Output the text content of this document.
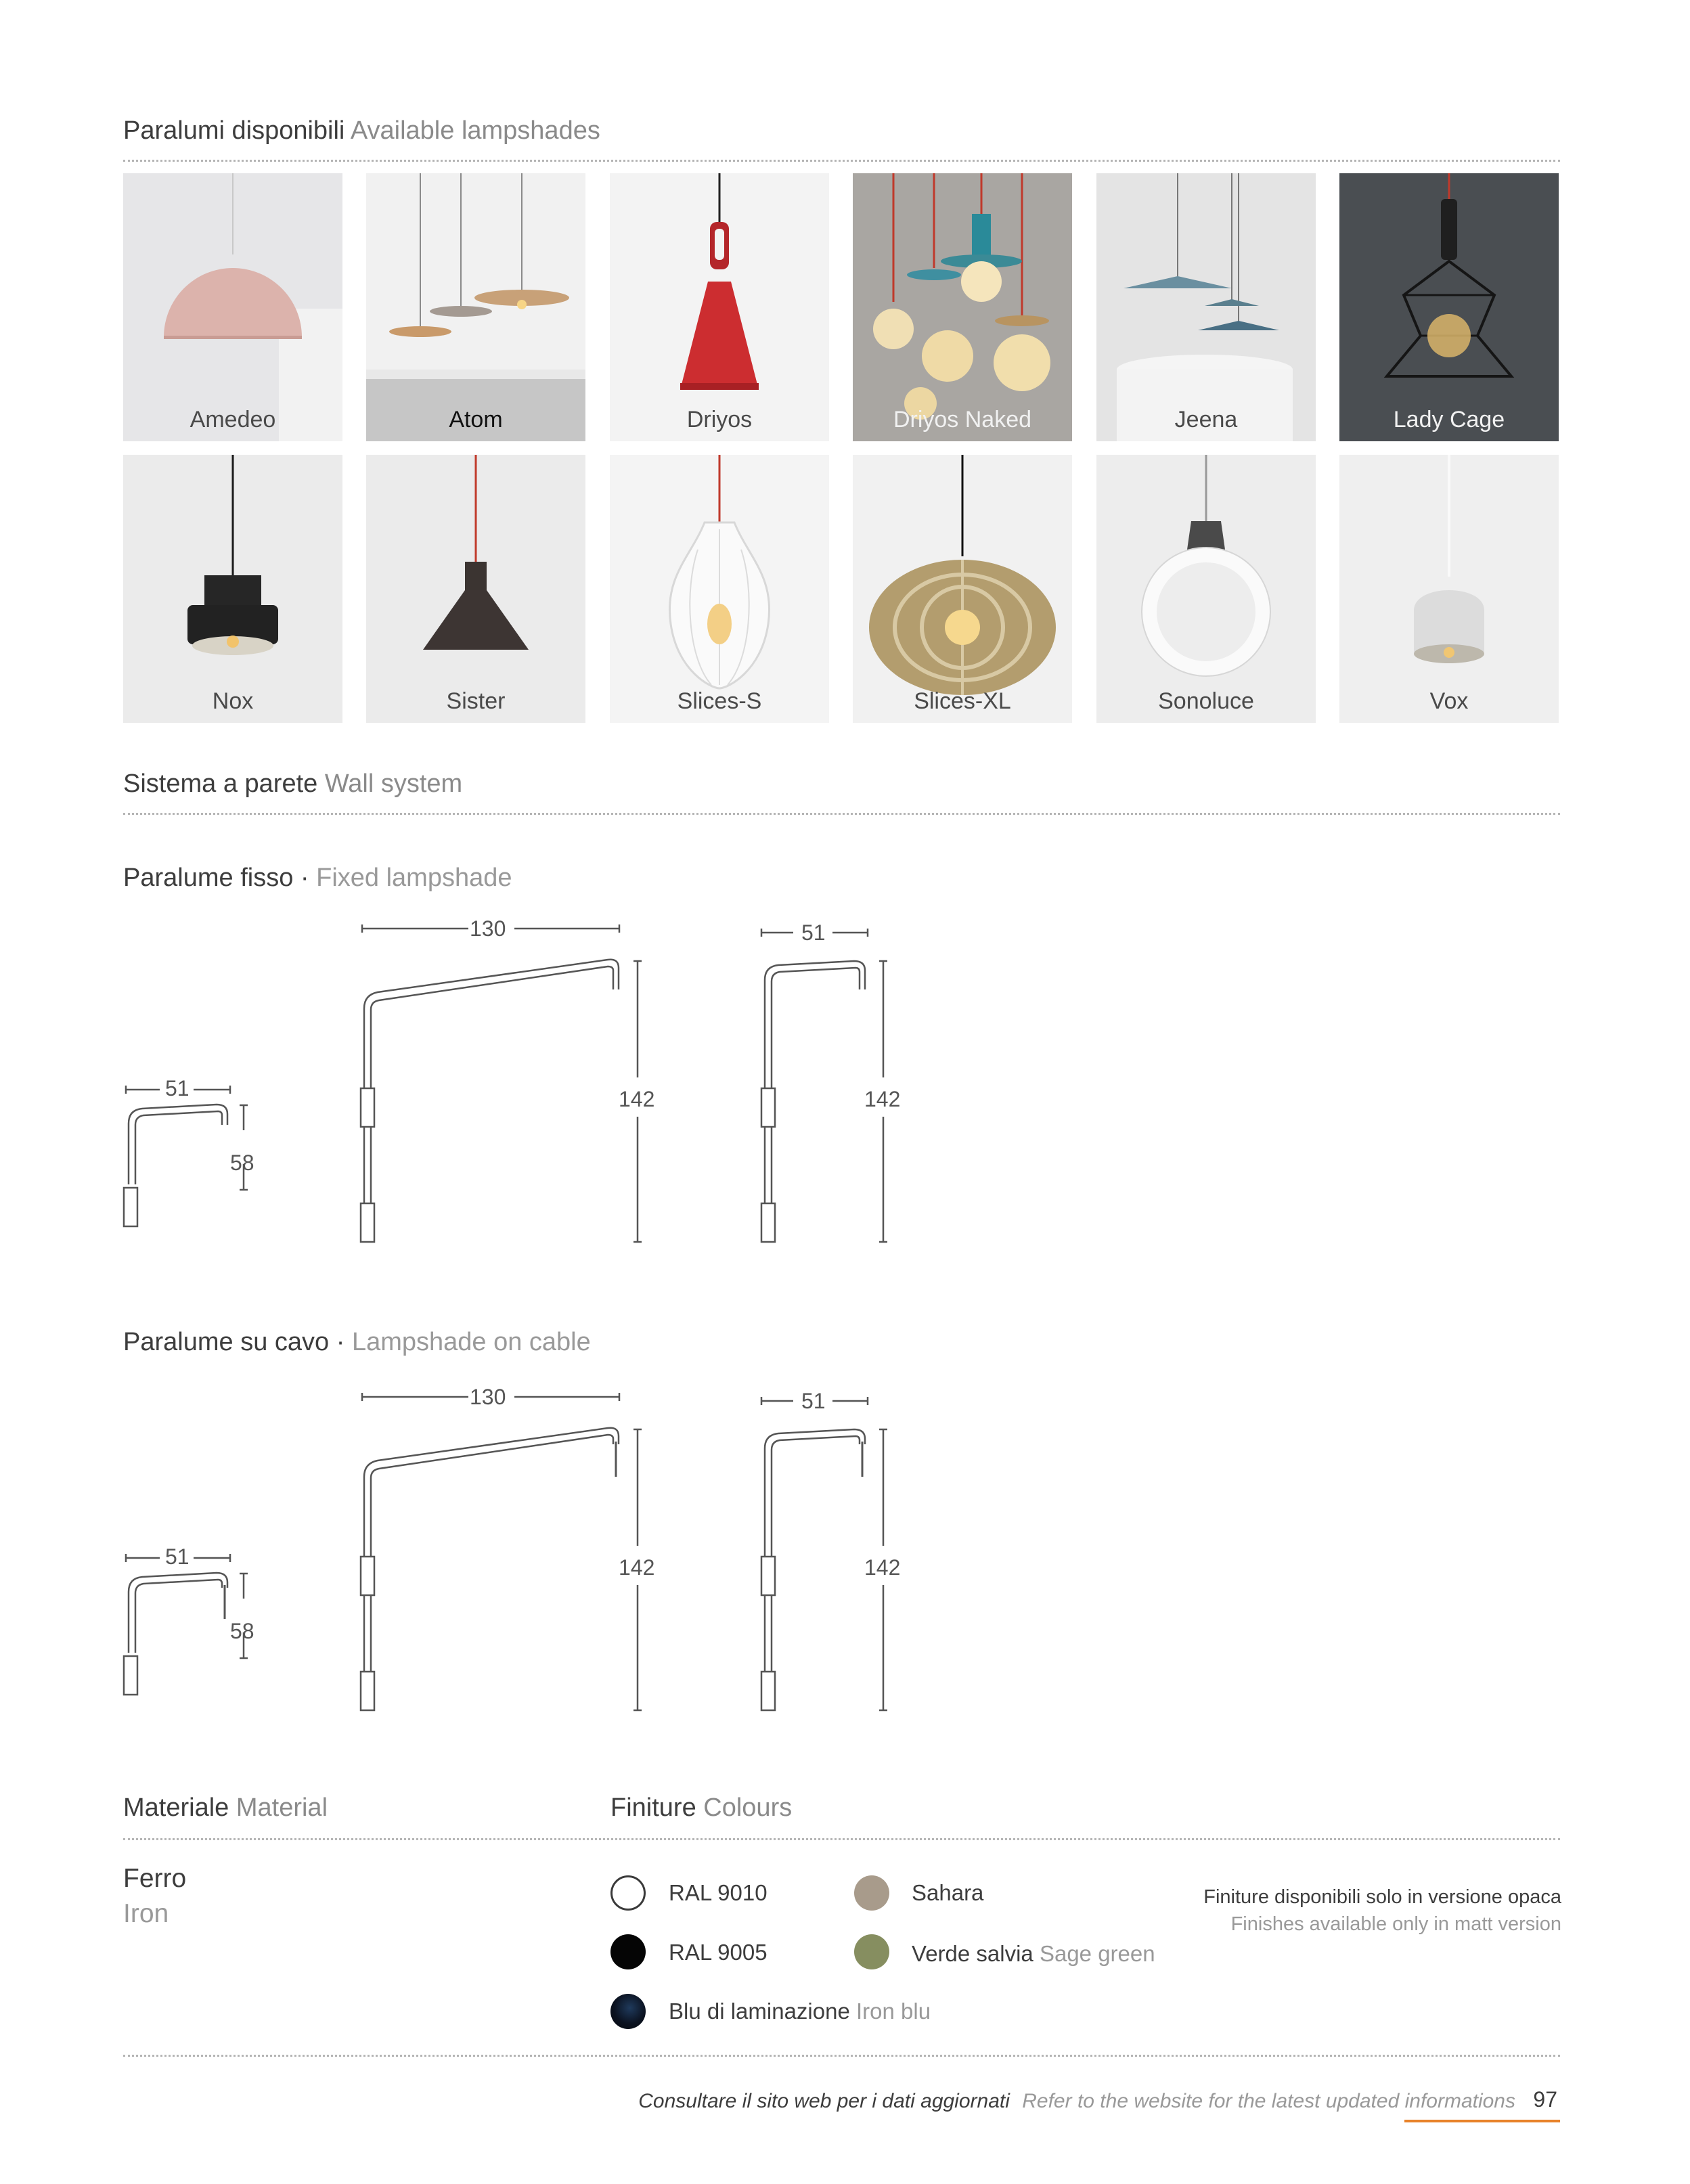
Paralumi disponibili Available lampshades
Amedeo	Atom	Driyos	Driyos Naked	Jeena	Lady Cage
Nox	Sister	Slices-S	Slices-XL	Sonoluce	Vox
Sistema a parete Wall system
Paralume fisso · Fixed lampshade
51
58
130
142
51
142
Paralume su cavo · Lampshade on cable
51
58
130
142
51
142
Materiale Material	Finiture Colours
Ferro
Iron
RAL 9010	Sahara
RAL 9005	Verde salvia Sage green
Blu di laminazione Iron blu
Finiture disponibili solo in versione opaca
Finishes available only in matt version
Consultare il sito web per i dati aggiornati Refer to the website for the latest updated informations 97
